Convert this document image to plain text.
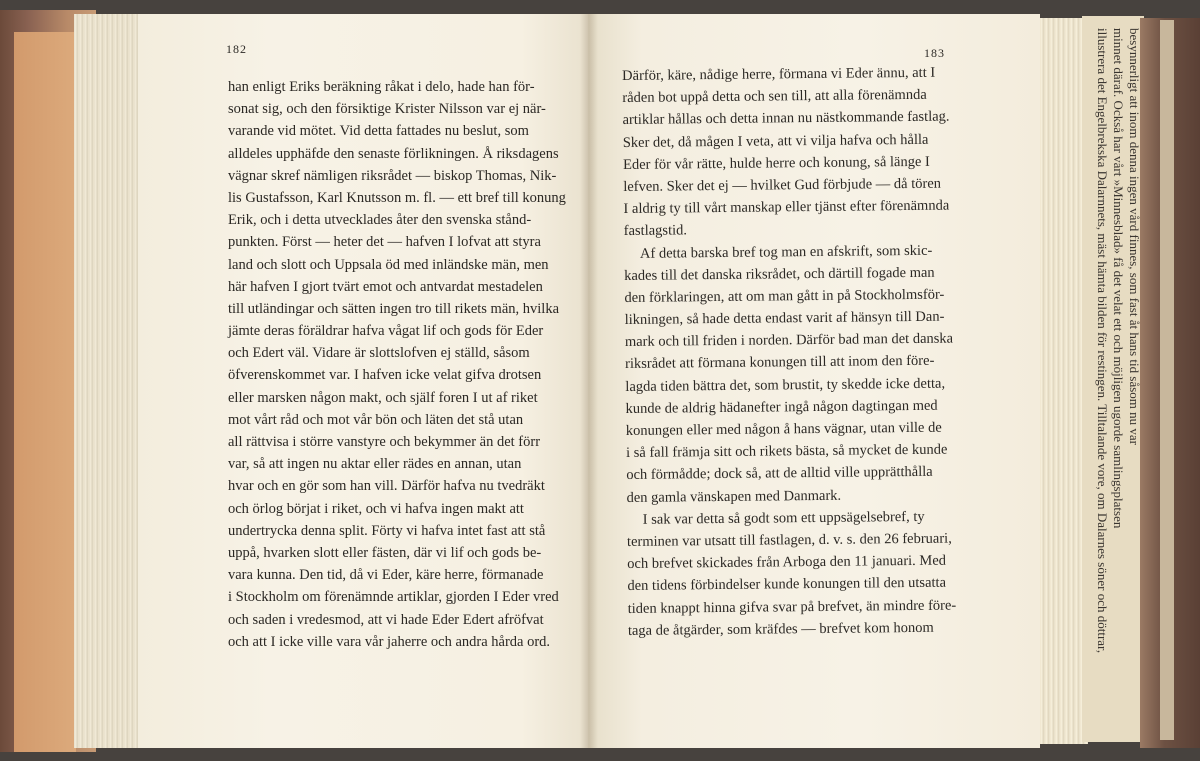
182	183
han enligt Eriks beräkning råkat i delo, hade han för-
sonat sig, och den försiktige Krister Nilsson var ej när-
varande vid mötet. Vid detta fattades nu beslut, som
alldeles upphäfde den senaste förlikningen. Å riksdagens
vägnar skref nämligen riksrådet — biskop Thomas, Nik-
lis Gustafsson, Karl Knutsson m. fl. — ett bref till konung
Erik, och i detta utvecklades åter den svenska stånd-
punkten. Först — heter det — hafven I lofvat att styra
land och slott och Uppsala öd med inländske män, men
här hafven I gjort tvärt emot och antvardat mestadelen
till utländingar och sätten ingen tro till rikets män, hvilka
jämte deras föräldrar hafva vågat lif och gods för Eder
och Edert väl. Vidare är slottslofven ej ställd, såsom
öfverenskommet var. I hafven icke velat gifva drotsen
eller marsken någon makt, och själf foren I ut af riket
mot vårt råd och mot vår bön och läten det stå utan
all rättvisa i större vanstyre och bekymmer än det förr
var, så att ingen nu aktar eller rädes en annan, utan
hvar och en gör som han vill. Därför hafva nu tvedräkt
och örlog börjat i riket, och vi hafva ingen makt att
undertrycka denna split. Förty vi hafva intet fast att stå
uppå, hvarken slott eller fästen, där vi lif och gods be-
vara kunna. Den tid, då vi Eder, käre herre, förmanade
i Stockholm om förenämnde artiklar, gjorden I Eder vred
och saden i vredesmod, att vi hade Eder Edert afröfvat
och att I icke ville vara vår jaherre och andra hårda ord.
Därför, käre, nådige herre, förmana vi Eder ännu, att I
råden bot uppå detta och sen till, att alla förenämnda
artiklar hållas och detta innan nu nästkommande fastlag.
Sker det, då mågen I veta, att vi vilja hafva och hålla
Eder för vår rätte, hulde herre och konung, så länge I
lefven. Sker det ej — hvilket Gud förbjude — då tören
I aldrig ty till vårt manskap eller tjänst efter förenämnda
fastlagstid.
Af detta barska bref tog man en afskrift, som skic-
kades till det danska riksrådet, och därtill fogade man
den förklaringen, att om man gått in på Stockholmsför-
likningen, så hade detta endast varit af hänsyn till Dan-
mark och till friden i norden. Därför bad man det danska
riksrådet att förmana konungen till att inom den före-
lagda tiden bättra det, som brustit, ty skedde icke detta,
kunde de aldrig hädanefter ingå någon dagtingan med
konungen eller med någon å hans vägnar, utan ville de
i så fall främja sitt och rikets bästa, så mycket de kunde
och förmådde; dock så, att de alltid ville upprätthålla
den gamla vänskapen med Danmark.
I sak var detta så godt som ett uppsägelsebref, ty
terminen var utsatt till fastlagen, d. v. s. den 26 februari,
och brefvet skickades från Arboga den 11 januari. Med
den tidens förbindelser kunde konungen till den utsatta
tiden knappt hinna gifva svar på brefvet, än mindre före-
taga de åtgärder, som kräfdes — brefvet kom honom
besynnerligt att inom denna ingen vård finnes, som fast åt hans tid såsom nu var
minnet däraf. Också har vårt »Minnesblad» få det velat ett och möjligen ugorde samlingsplatsen
illustrera det Engelbrekska Dalarnnets, mäst hämta bilden för restingen. Tilltalande vore, om Dalarnes söner och döttrar,
